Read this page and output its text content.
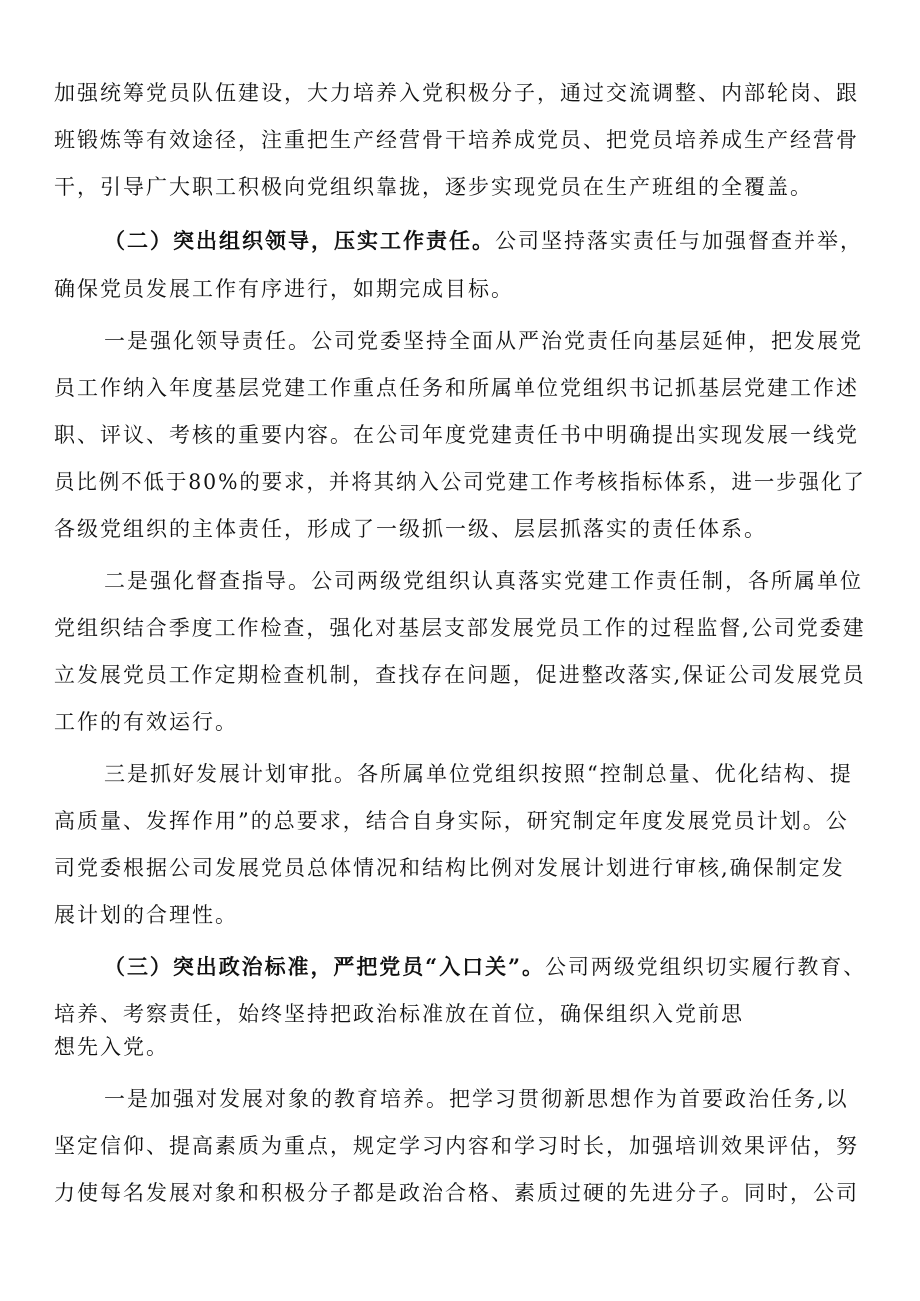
加强统筹党员队伍建设，大力培养入党积极分子，通过交流调整、内部轮岗、跟
班锻炼等有效途径，注重把生产经营骨干培养成党员、把党员培养成生产经营骨
干，引导广大职工积极向党组织靠拢，逐步实现党员在生产班组的全覆盖。
（二）突出组织领导，压实工作责任。公司坚持落实责任与加强督查并举，
确保党员发展工作有序进行，如期完成目标。
一是强化领导责任。公司党委坚持全面从严治党责任向基层延伸，把发展党
员工作纳入年度基层党建工作重点任务和所属单位党组织书记抓基层党建工作述
职、评议、考核的重要内容。在公司年度党建责任书中明确提出实现发展一线党
员比例不低于80%的要求，并将其纳入公司党建工作考核指标体系，进一步强化了
各级党组织的主体责任，形成了一级抓一级、层层抓落实的责任体系。
二是强化督查指导。公司两级党组织认真落实党建工作责任制，各所属单位
党组织结合季度工作检查，强化对基层支部发展党员工作的过程监督,公司党委建
立发展党员工作定期检查机制，查找存在问题，促进整改落实,保证公司发展党员
工作的有效运行。
三是抓好发展计划审批。各所属单位党组织按照“控制总量、优化结构、提
高质量、发挥作用”的总要求，结合自身实际，研究制定年度发展党员计划。公
司党委根据公司发展党员总体情况和结构比例对发展计划进行审核,确保制定发
展计划的合理性。
（三）突出政治标准，严把党员“入口关”。公司两级党组织切实履行教育、
培养、考察责任，始终坚持把政治标准放在首位，确保组织入党前思
想先入党。
一是加强对发展对象的教育培养。把学习贯彻新思想作为首要政治任务,以
坚定信仰、提高素质为重点，规定学习内容和学习时长，加强培训效果评估，努
力使每名发展对象和积极分子都是政治合格、素质过硬的先进分子。同时，公司
